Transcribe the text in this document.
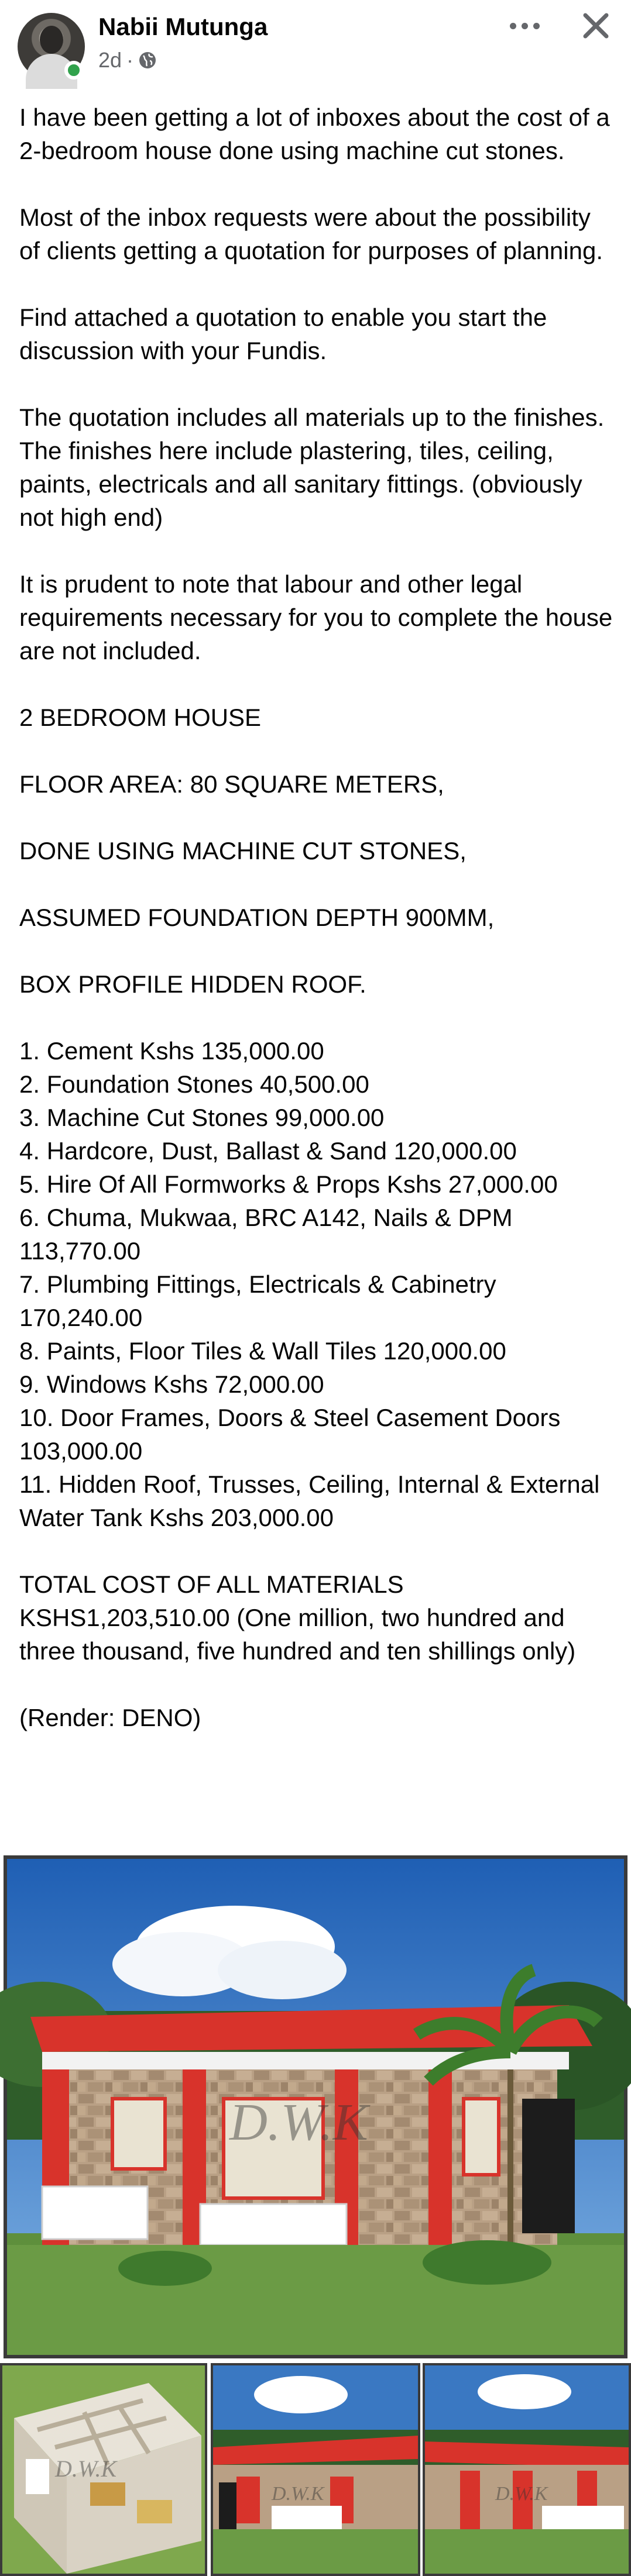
Nabii Mutunga
2d ·

I have been getting a lot of inboxes about the cost of a 2-bedroom house done using machine cut stones.

Most of the inbox requests were about the possibility of clients getting a quotation for purposes of planning.

Find attached a quotation to enable you start the discussion with your Fundis.

The quotation includes all materials up to the finishes. The finishes here include plastering, tiles, ceiling, paints, electricals and all sanitary fittings. (obviously not high end)

It is prudent to note that labour and other legal requirements necessary for you to complete the house are not included.

2 BEDROOM HOUSE

FLOOR AREA: 80 SQUARE METERS,

DONE USING MACHINE CUT STONES,

ASSUMED FOUNDATION DEPTH 900MM,

BOX PROFILE HIDDEN ROOF.

1. Cement Kshs 135,000.00

2. Foundation Stones 40,500.00

3. Machine Cut Stones 99,000.00

4. Hardcore, Dust, Ballast & Sand 120,000.00

5. Hire Of All Formworks & Props Kshs 27,000.00

6. Chuma, Mukwaa, BRC A142, Nails & DPM 113,770.00

7. Plumbing Fittings, Electricals & Cabinetry 170,240.00

8. Paints, Floor Tiles & Wall Tiles 120,000.00

9. Windows Kshs 72,000.00

10. Door Frames, Doors & Steel Casement Doors 103,000.00

11. Hidden Roof, Trusses, Ceiling, Internal & External Water Tank Kshs 203,000.00

TOTAL COST OF ALL MATERIALS KSHS1,203,510.00 (One million, two hundred and three thousand, five hundred and ten shillings only)

(Render: DENO)

D.W.K
D.W.K
D.W.K	D.W.K
